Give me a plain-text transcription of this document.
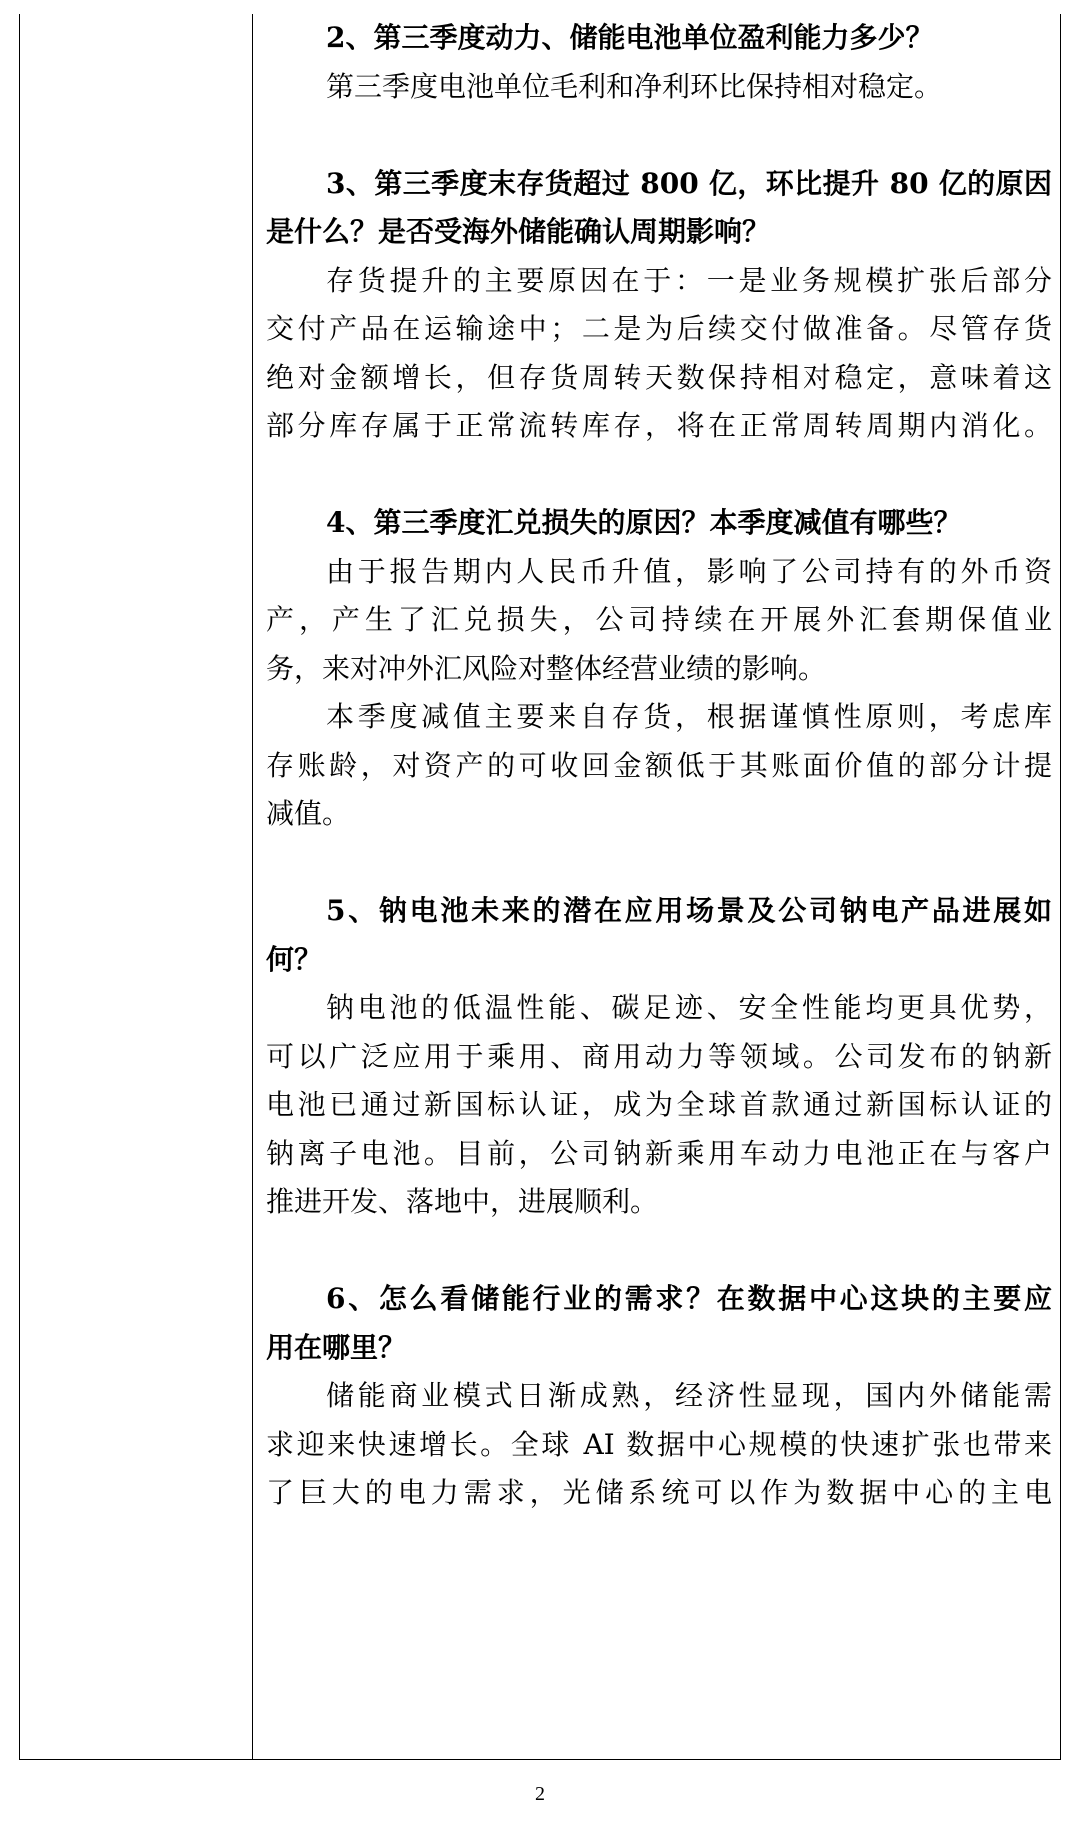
2、第三季度动力、储能电池单位盈利能力多少？
第三季度电池单位毛利和净利环比保持相对稳定。
3、第三季度末存货超过 800 亿，环比提升 80 亿的原因
是什么？是否受海外储能确认周期影响？
存货提升的主要原因在于：一是业务规模扩张后部分
交付产品在运输途中；二是为后续交付做准备。尽管存货
绝对金额增长，但存货周转天数保持相对稳定，意味着这
部分库存属于正常流转库存，将在正常周转周期内消化。
4、第三季度汇兑损失的原因？本季度减值有哪些？
由于报告期内人民币升值，影响了公司持有的外币资
产，产生了汇兑损失，公司持续在开展外汇套期保值业
务，来对冲外汇风险对整体经营业绩的影响。
本季度减值主要来自存货，根据谨慎性原则，考虑库
存账龄，对资产的可收回金额低于其账面价值的部分计提
减值。
5、钠电池未来的潜在应用场景及公司钠电产品进展如
何？
钠电池的低温性能、碳足迹、安全性能均更具优势，
可以广泛应用于乘用、商用动力等领域。公司发布的钠新
电池已通过新国标认证，成为全球首款通过新国标认证的
钠离子电池。目前，公司钠新乘用车动力电池正在与客户
推进开发、落地中，进展顺利。
6、怎么看储能行业的需求？在数据中心这块的主要应
用在哪里？
储能商业模式日渐成熟，经济性显现，国内外储能需
求迎来快速增长。全球 AI 数据中心规模的快速扩张也带来
了巨大的电力需求，光储系统可以作为数据中心的主电
2
